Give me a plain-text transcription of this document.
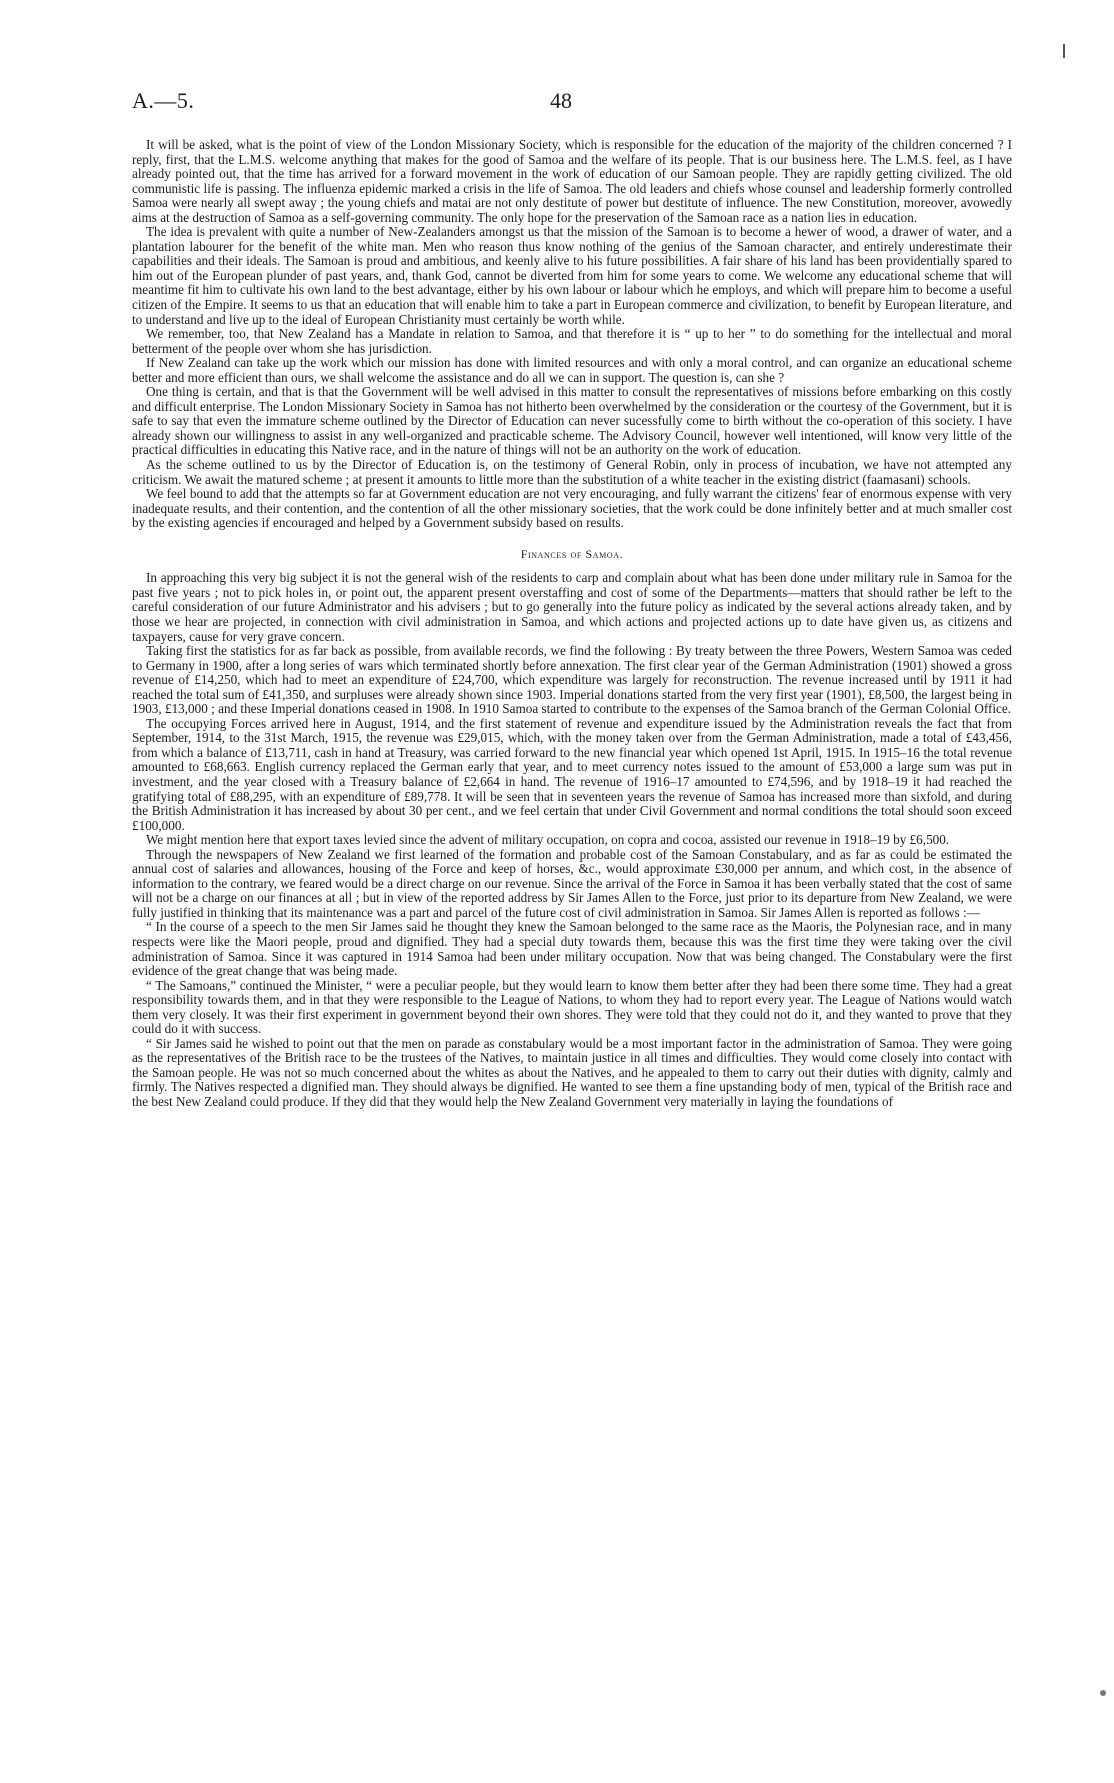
A.—5.	48

It will be asked, what is the point of view of the London Missionary Society, which is responsible for the education of the majority of the children concerned ? I reply, first, that the L.M.S. welcome anything that makes for the good of Samoa and the welfare of its people. That is our business here. The L.M.S. feel, as I have already pointed out, that the time has arrived for a forward movement in the work of education of our Samoan people. They are rapidly getting civilized. The old communistic life is passing. The influenza epidemic marked a crisis in the life of Samoa. The old leaders and chiefs whose counsel and leadership formerly controlled Samoa were nearly all swept away ; the young chiefs and matai are not only destitute of power but destitute of influence. The new Constitution, moreover, avowedly aims at the destruction of Samoa as a self-governing community. The only hope for the preservation of the Samoan race as a nation lies in education.

The idea is prevalent with quite a number of New-Zealanders amongst us that the mission of the Samoan is to become a hewer of wood, a drawer of water, and a plantation labourer for the benefit of the white man. Men who reason thus know nothing of the genius of the Samoan character, and entirely underestimate their capabilities and their ideals. The Samoan is proud and ambitious, and keenly alive to his future possibilities. A fair share of his land has been providentially spared to him out of the European plunder of past years, and, thank God, cannot be diverted from him for some years to come. We welcome any educational scheme that will meantime fit him to cultivate his own land to the best advantage, either by his own labour or labour which he employs, and which will prepare him to become a useful citizen of the Empire. It seems to us that an education that will enable him to take a part in European commerce and civilization, to benefit by European literature, and to understand and live up to the ideal of European Christianity must certainly be worth while.

We remember, too, that New Zealand has a Mandate in relation to Samoa, and that therefore it is “ up to her ” to do something for the intellectual and moral betterment of the people over whom she has jurisdiction.

If New Zealand can take up the work which our mission has done with limited resources and with only a moral control, and can organize an educational scheme better and more efficient than ours, we shall welcome the assistance and do all we can in support. The question is, can she ?

One thing is certain, and that is that the Government will be well advised in this matter to consult the representatives of missions before embarking on this costly and difficult enterprise. The London Missionary Society in Samoa has not hitherto been overwhelmed by the consideration or the courtesy of the Government, but it is safe to say that even the immature scheme outlined by the Director of Education can never sucessfully come to birth without the co-operation of this society. I have already shown our willingness to assist in any well-organized and practicable scheme. The Advisory Council, however well intentioned, will know very little of the practical difficulties in educating this Native race, and in the nature of things will not be an authority on the work of education.

As the scheme outlined to us by the Director of Education is, on the testimony of General Robin, only in process of incubation, we have not attempted any criticism. We await the matured scheme ; at present it amounts to little more than the substitution of a white teacher in the existing district (faamasani) schools.

We feel bound to add that the attempts so far at Government education are not very encouraging, and fully warrant the citizens' fear of enormous expense with very inadequate results, and their contention, and the contention of all the other missionary societies, that the work could be done infinitely better and at much smaller cost by the existing agencies if encouraged and helped by a Government subsidy based on results.

Finances of Samoa.

In approaching this very big subject it is not the general wish of the residents to carp and complain about what has been done under military rule in Samoa for the past five years ; not to pick holes in, or point out, the apparent present overstaffing and cost of some of the Departments—matters that should rather be left to the careful consideration of our future Administrator and his advisers ; but to go generally into the future policy as indicated by the several actions already taken, and by those we hear are projected, in connection with civil administration in Samoa, and which actions and projected actions up to date have given us, as citizens and taxpayers, cause for very grave concern.

Taking first the statistics for as far back as possible, from available records, we find the following : By treaty between the three Powers, Western Samoa was ceded to Germany in 1900, after a long series of wars which terminated shortly before annexation. The first clear year of the German Administration (1901) showed a gross revenue of £14,250, which had to meet an expenditure of £24,700, which expenditure was largely for reconstruction. The revenue increased until by 1911 it had reached the total sum of £41,350, and surpluses were already shown since 1903. Imperial donations started from the very first year (1901), £8,500, the largest being in 1903, £13,000 ; and these Imperial donations ceased in 1908. In 1910 Samoa started to contribute to the expenses of the Samoa branch of the German Colonial Office.

The occupying Forces arrived here in August, 1914, and the first statement of revenue and expenditure issued by the Administration reveals the fact that from September, 1914, to the 31st March, 1915, the revenue was £29,015, which, with the money taken over from the German Administration, made a total of £43,456, from which a balance of £13,711, cash in hand at Treasury, was carried forward to the new financial year which opened 1st April, 1915. In 1915–16 the total revenue amounted to £68,663. English currency replaced the German early that year, and to meet currency notes issued to the amount of £53,000 a large sum was put in investment, and the year closed with a Treasury balance of £2,664 in hand. The revenue of 1916–17 amounted to £74,596, and by 1918–19 it had reached the gratifying total of £88,295, with an expenditure of £89,778. It will be seen that in seventeen years the revenue of Samoa has increased more than sixfold, and during the British Administration it has increased by about 30 per cent., and we feel certain that under Civil Government and normal conditions the total should soon exceed £100,000.

We might mention here that export taxes levied since the advent of military occupation, on copra and cocoa, assisted our revenue in 1918–19 by £6,500.

Through the newspapers of New Zealand we first learned of the formation and probable cost of the Samoan Constabulary, and as far as could be estimated the annual cost of salaries and allowances, housing of the Force and keep of horses, &c., would approximate £30,000 per annum, and which cost, in the absence of information to the contrary, we feared would be a direct charge on our revenue. Since the arrival of the Force in Samoa it has been verbally stated that the cost of same will not be a charge on our finances at all ; but in view of the reported address by Sir James Allen to the Force, just prior to its departure from New Zealand, we were fully justified in thinking that its maintenance was a part and parcel of the future cost of civil administration in Samoa. Sir James Allen is reported as follows :—

“ In the course of a speech to the men Sir James said he thought they knew the Samoan belonged to the same race as the Maoris, the Polynesian race, and in many respects were like the Maori people, proud and dignified. They had a special duty towards them, because this was the first time they were taking over the civil administration of Samoa. Since it was captured in 1914 Samoa had been under military occupation. Now that was being changed. The Constabulary were the first evidence of the great change that was being made.

“ The Samoans,” continued the Minister, “ were a peculiar people, but they would learn to know them better after they had been there some time. They had a great responsibility towards them, and in that they were responsible to the League of Nations, to whom they had to report every year. The League of Nations would watch them very closely. It was their first experiment in government beyond their own shores. They were told that they could not do it, and they wanted to prove that they could do it with success.

“ Sir James said he wished to point out that the men on parade as constabulary would be a most important factor in the administration of Samoa. They were going as the representatives of the British race to be the trustees of the Natives, to maintain justice in all times and difficulties. They would come closely into contact with the Samoan people. He was not so much concerned about the whites as about the Natives, and he appealed to them to carry out their duties with dignity, calmly and firmly. The Natives respected a dignified man. They should always be dignified. He wanted to see them a fine upstanding body of men, typical of the British race and the best New Zealand could produce. If they did that they would help the New Zealand Government very materially in laying the foundations of
